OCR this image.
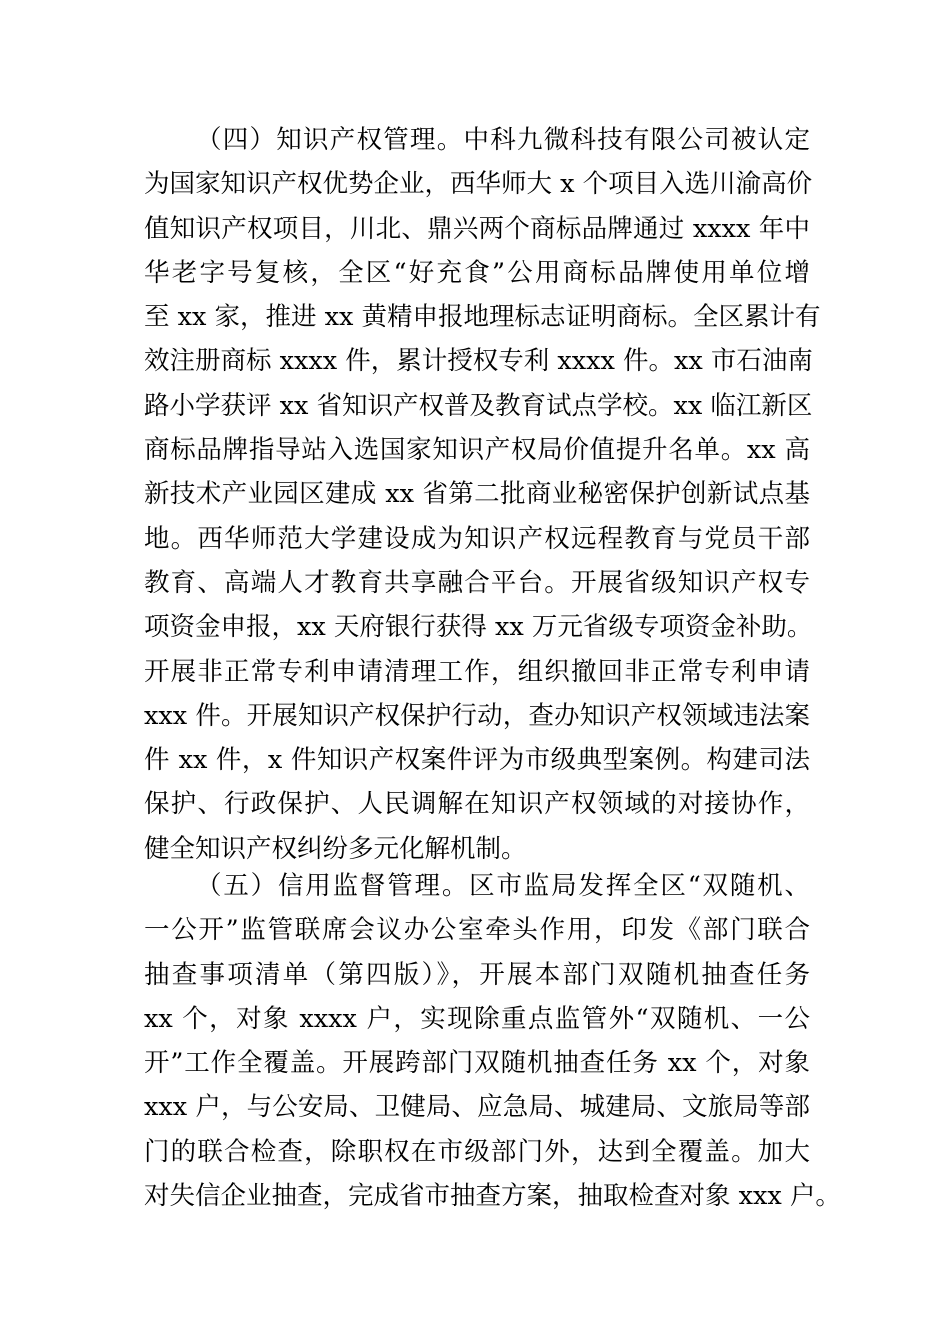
（四）知识产权管理。中科九微科技有限公司被认定
为国家知识产权优势企业，西华师大 x 个项目入选川渝高价
值知识产权项目，川北、鼎兴两个商标品牌通过 xxxx 年中
华老字号复核，全区“好充食”公用商标品牌使用单位增
至 xx 家，推进 xx 黄精申报地理标志证明商标。全区累计有
效注册商标 xxxx 件，累计授权专利 xxxx 件。xx 市石油南
路小学获评 xx 省知识产权普及教育试点学校。xx 临江新区
商标品牌指导站入选国家知识产权局价值提升名单。xx 高
新技术产业园区建成 xx 省第二批商业秘密保护创新试点基
地。西华师范大学建设成为知识产权远程教育与党员干部
教育、高端人才教育共享融合平台。开展省级知识产权专
项资金申报，xx 天府银行获得 xx 万元省级专项资金补助。
开展非正常专利申请清理工作，组织撤回非正常专利申请
xxx 件。开展知识产权保护行动，查办知识产权领域违法案
件 xx 件，x 件知识产权案件评为市级典型案例。构建司法
保护、行政保护、人民调解在知识产权领域的对接协作，
健全知识产权纠纷多元化解机制。
（五）信用监督管理。区市监局发挥全区“双随机、
一公开”监管联席会议办公室牵头作用，印发《部门联合
抽查事项清单（第四版）》，开展本部门双随机抽查任务
xx 个，对象 xxxx 户，实现除重点监管外“双随机、一公
开”工作全覆盖。开展跨部门双随机抽查任务 xx 个，对象
xxx 户，与公安局、卫健局、应急局、城建局、文旅局等部
门的联合检查，除职权在市级部门外，达到全覆盖。加大
对失信企业抽查，完成省市抽查方案，抽取检查对象 xxx 户。
